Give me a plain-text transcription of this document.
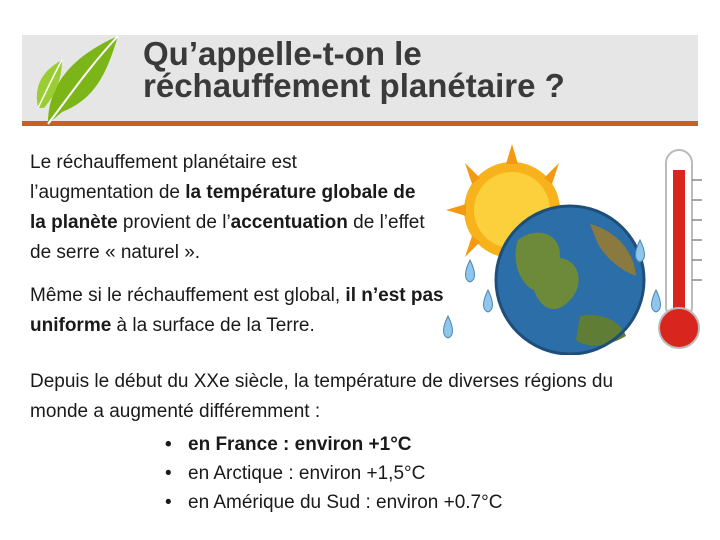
Qu’appelle-t-on le réchauffement planétaire ?

Le réchauffement planétaire est l’augmentation de la température globale de la planète provient de l’accentuation de l’effet de serre « naturel ».

Même si le réchauffement est global, il n’est pas uniforme à la surface de la Terre.

Depuis le début du XXe siècle, la température de diverses régions du monde a augmenté différemment :

• en France : environ +1°C
• en Arctique : environ +1,5°C
• en Amérique du Sud : environ +0.7°C
